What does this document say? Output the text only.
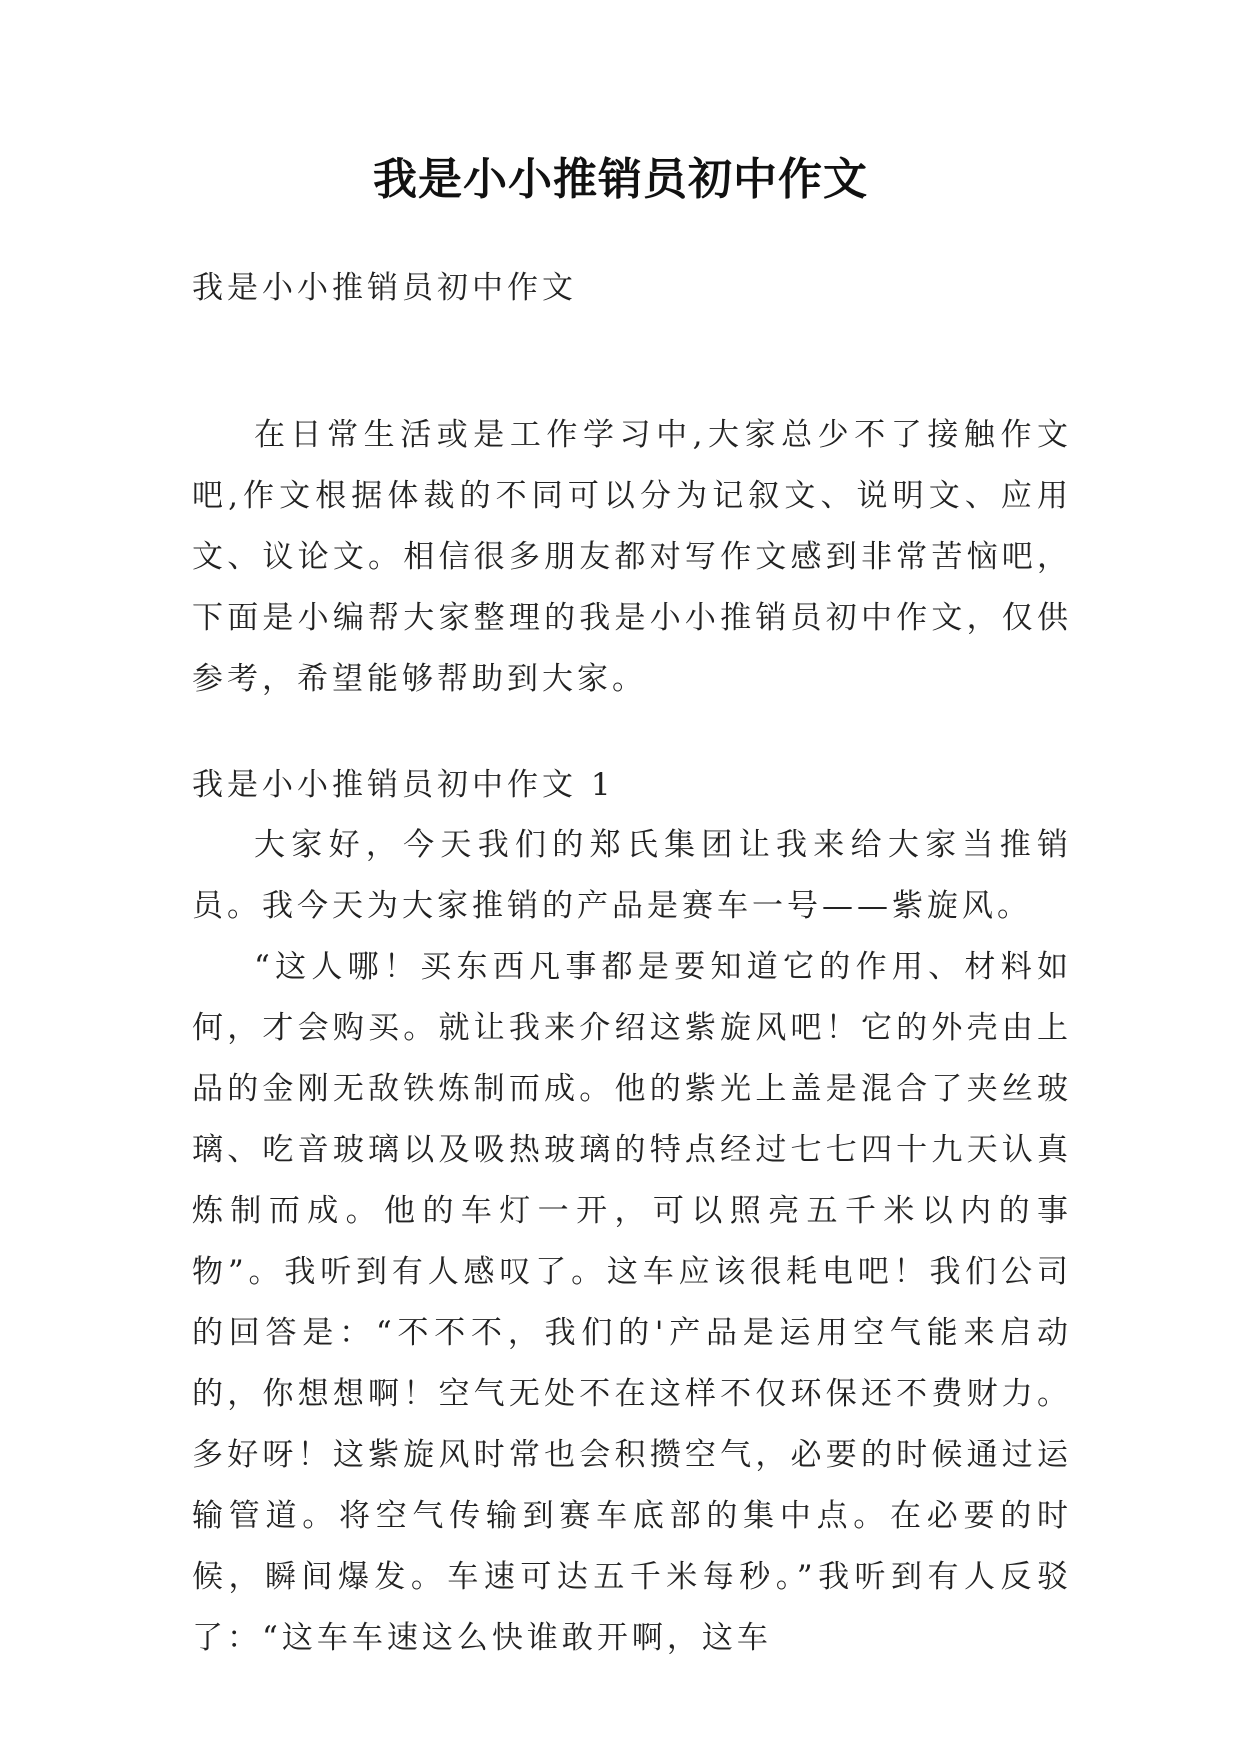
我是小小推销员初中作文
我是小小推销员初中作文

在日常生活或是工作学习中,大家总少不了接触作文吧,作文根据体裁的不同可以分为记叙文、说明文、应用文、议论文。相信很多朋友都对写作文感到非常苦恼吧，下面是小编帮大家整理的我是小小推销员初中作文，仅供参考，希望能够帮助到大家。

我是小小推销员初中作文 1

大家好，今天我们的郑氏集团让我来给大家当推销员。我今天为大家推销的产品是赛车一号——紫旋风。

“这人哪！买东西凡事都是要知道它的作用、材料如何，才会购买。就让我来介绍这紫旋风吧！它的外壳由上品的金刚无敌铁炼制而成。他的紫光上盖是混合了夹丝玻璃、吃音玻璃以及吸热玻璃的特点经过七七四十九天认真炼制而成。他的车灯一开，可以照亮五千米以内的事物”。我听到有人感叹了。这车应该很耗电吧！我们公司的回答是：“不不不，我们的'产品是运用空气能来启动的，你想想啊！空气无处不在这样不仅环保还不费财力。多好呀！这紫旋风时常也会积攒空气，必要的时候通过运输管道。将空气传输到赛车底部的集中点。在必要的时候，瞬间爆发。车速可达五千米每秒。”我听到有人反驳了：“这车车速这么快谁敢开啊，这车
